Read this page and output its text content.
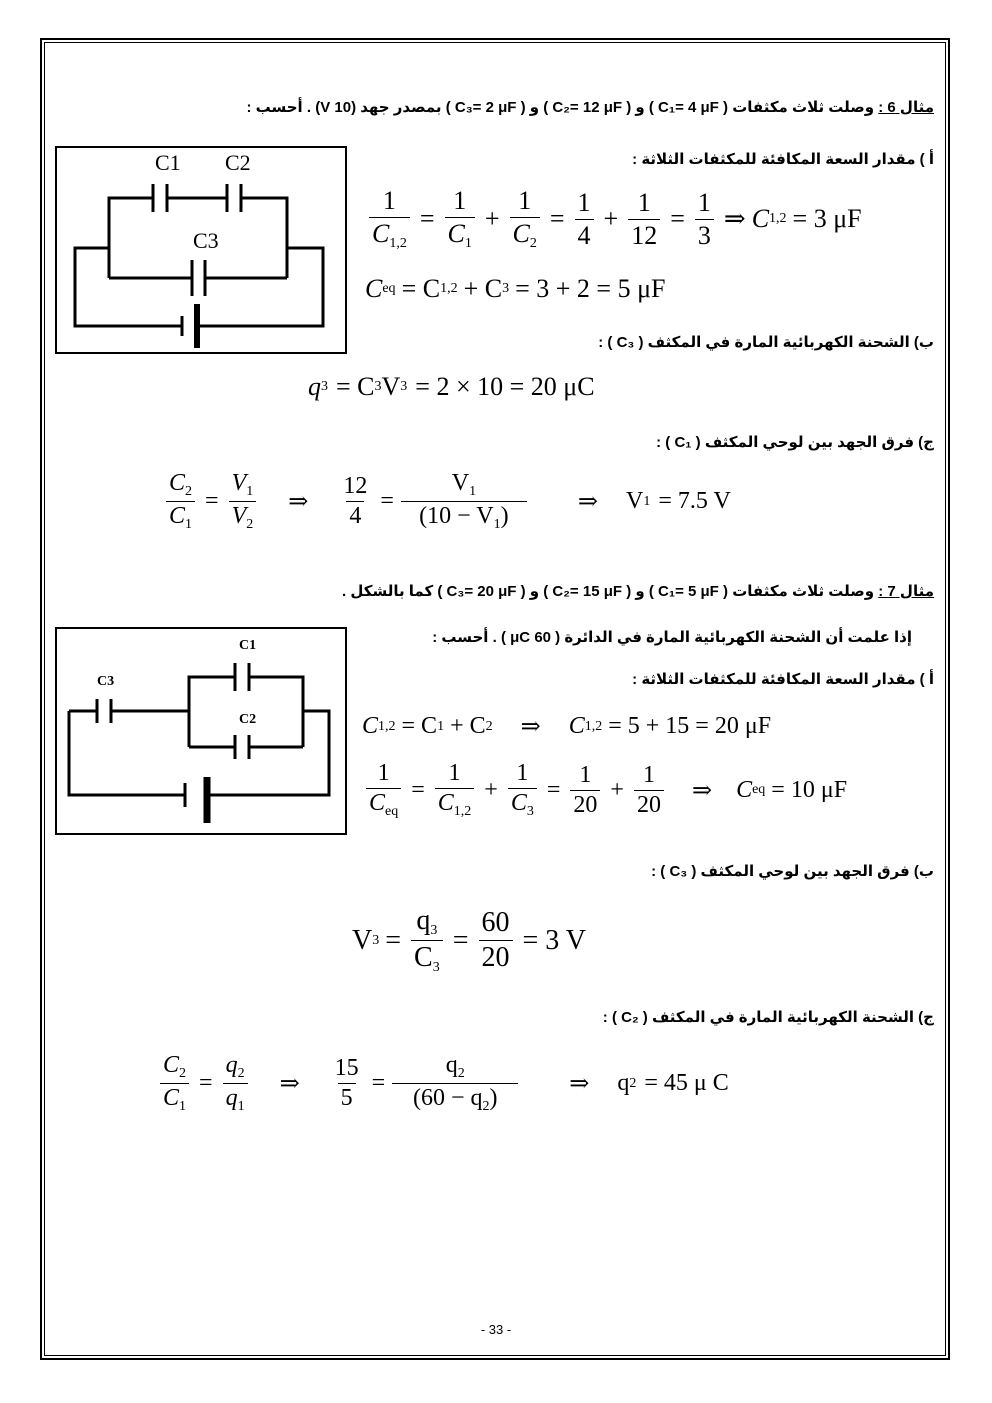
مثال 6 : وصلت ثلاث مكثفات ( C₁= 4 μF ) و ( C₂= 12 μF ) و ( C₃= 2 μF ) بمصدر جهد (10 V) . أحسب :
C1 C2
C3
أ ) مقدار السعة المكافئة للمكثفات الثلاثة :
$\frac{1}{C_{1,2}} = \frac{1}{C_1} + \frac{1}{C_2} = \frac{1}{4} + \frac{1}{12} = \frac{1}{3}$ ⇒ C 1,2 = 3 μF
C eq = C 1,2 + C 3 = 3 + 2 = 5 μF
ب) الشحنة الكهربائية المارة في المكثف ( C₃ ) :
q 3 = C 3 V 3 = 2 × 10 = 20 μC
ج) فرق الجهد بين لوحي المكثف ( C₁ ) :
$\frac{C_2}{C_1} = \frac{V_1}{V_2}$ ⇒ $\frac{12}{4} = \frac{V_1}{(10 - V_1)}$ ⇒ V 1 = 7.5 V
مثال 7 : وصلت ثلاث مكثفات ( C₁= 5 μF ) و ( C₂= 15 μF ) و ( C₃= 20 μF ) كما بالشكل .
C1
C2
C3
إذا علمت أن الشحنة الكهربائية المارة في الدائرة ( 60 μC ) . أحسب :
أ ) مقدار السعة المكافئة للمكثفات الثلاثة :
C 1,2 = C 1 + C 2 ⇒ C 1,2 = 5 + 15 = 20 μF
$\frac{1}{C_{eq}} = \frac{1}{C_{1,2}} + \frac{1}{C_3} = \frac{1}{20} + \frac{1}{20}$ ⇒ C eq = 10 μF
ب) فرق الجهد بين لوحي المكثف ( C₃ ) :
V $3 = \frac{q_3}{C_3} = \frac{60}{20} = 3$ V
ج) الشحنة الكهربائية المارة في المكثف ( C₂ ) :
$\frac{C_2}{C_1} = \frac{q_2}{q_1}$ ⇒ $\frac{15}{5} = \frac{q_2}{(60 - q_2)}$ ⇒ q 2 = 45 μ C
- 33 -
